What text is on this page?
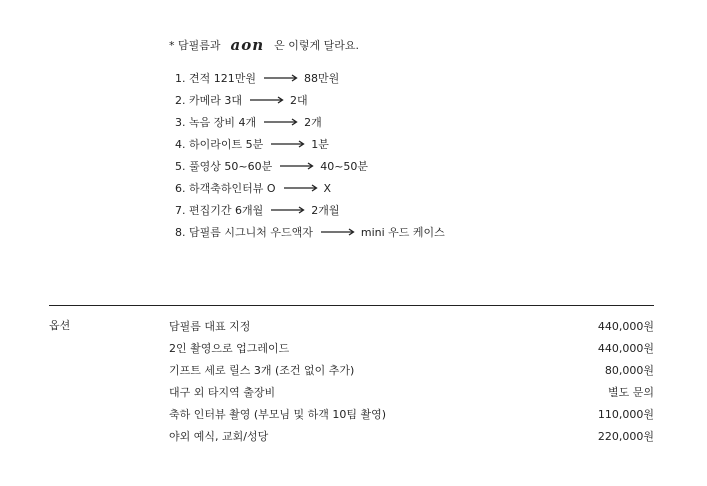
* 담필름과 aon 은 이렇게 달라요.
1. 견적 121만원	88만원
2. 카메라 3대	2대
3. 녹음 장비 4개	2개
4. 하이라이트 5분	1분
5. 풀영상 50~60분	40~50분
6. 하객축하인터뷰 O	X
7. 편집기간 6개월	2개월
8. 담필름 시그니처 우드액자	mini 우드 케이스
옵션	담필름 대표 지정	440,000원
2인 촬영으로 업그레이드	440,000원
기프트 세로 릴스 3개 (조건 없이 추가)	80,000원
대구 외 타지역 출장비	별도 문의
축하 인터뷰 촬영 (부모님 및 하객 10팀 촬영)	110,000원
야외 예식, 교회/성당	220,000원
